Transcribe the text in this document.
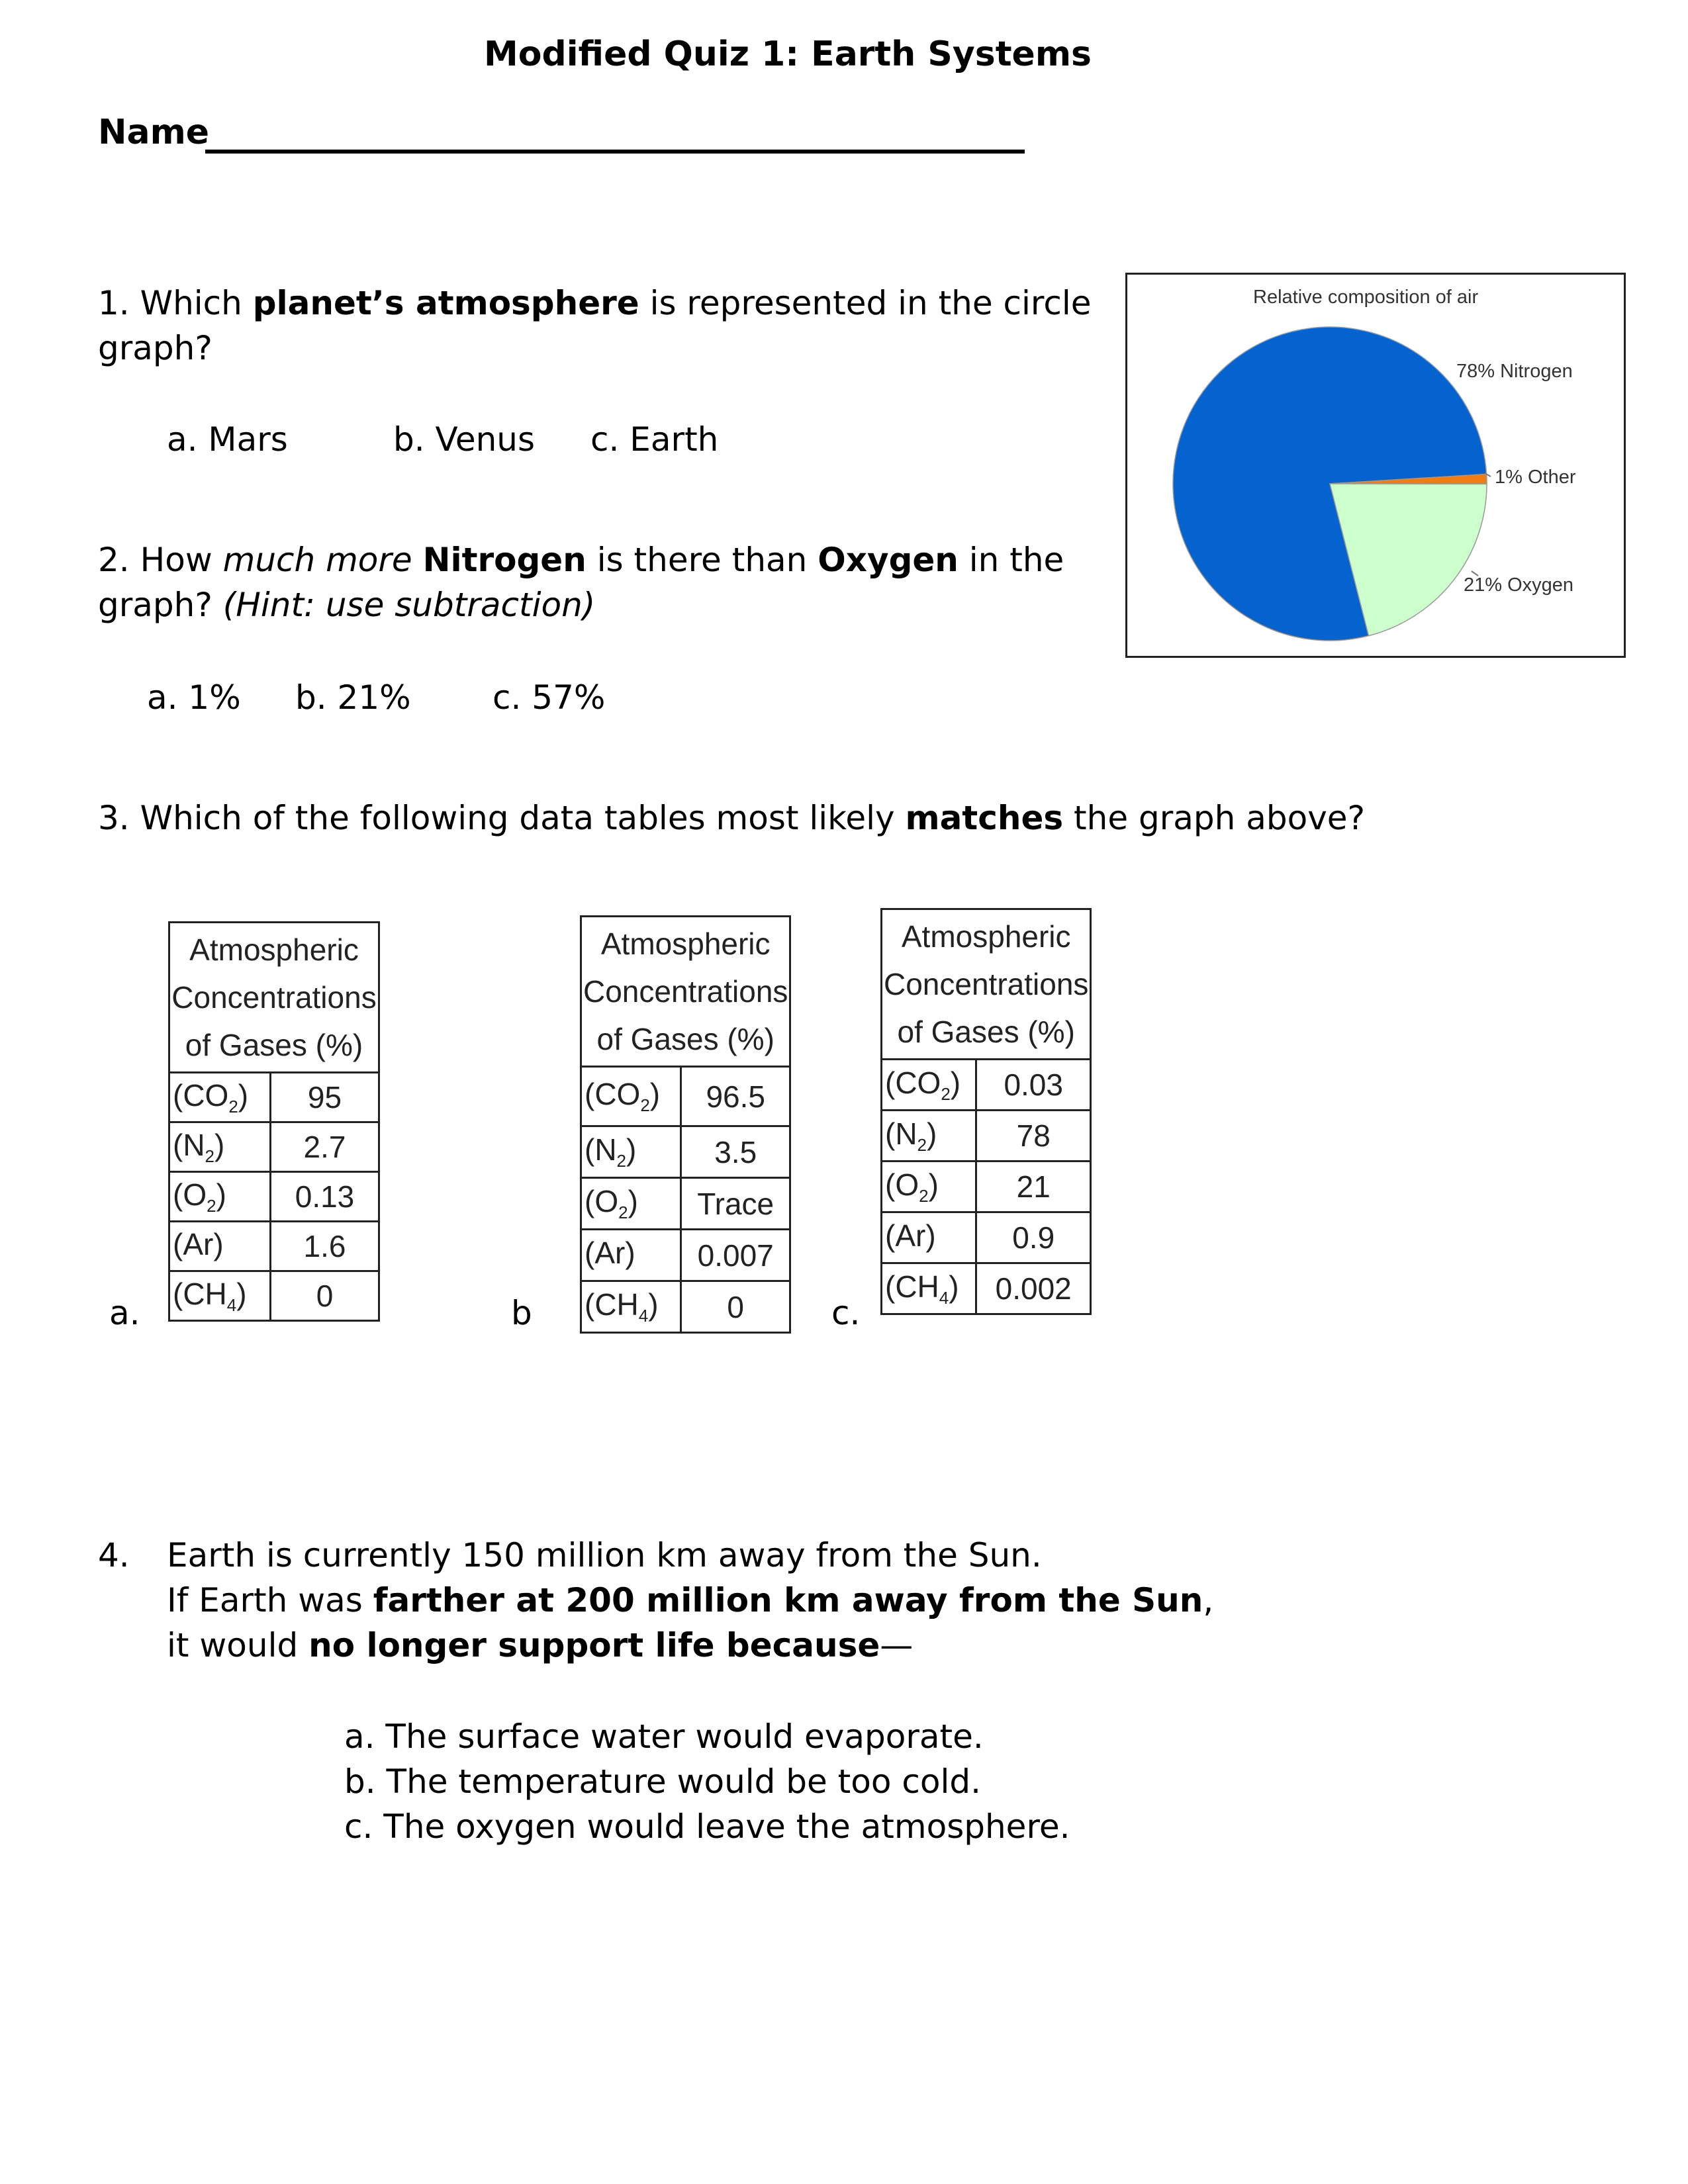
Modified Quiz 1: Earth Systems
Name
1. Which planet’s atmosphere is represented in the circle
graph?
a. Mars	b. Venus c. Earth
Relative composition of air
78% Nitrogen
1% Other
21% Oxygen
2. How much more Nitrogen is there than Oxygen in the
graph? (Hint: use subtraction)
a. 1% b. 21% c. 57%
3. Which of the following data tables most likely matches the graph above?
a.	b	c.
Atmospheric
Concentrations
of Gases (%)	
$(CO_2)$	95
$(N_2)$	2.7
$(O_2)$	0.13
(Ar)	1.6
$(CH_4)$	0
Atmospheric
Concentrations
of Gases (%)	
$(CO_2)$	96.5
$(N_2)$	3.5
$(O_2)$	Trace
(Ar)	0.007
$(CH_4)$	0
Atmospheric
Concentrations
of Gases (%)	
$(CO_2)$	0.03
$(N_2)$	78
$(O_2)$	21
(Ar)	0.9
$(CH_4)$	0.002
4. Earth is currently 150 million km away from the Sun.
If Earth was farther at 200 million km away from the Sun,
it would no longer support life because—
a. The surface water would evaporate.
b. The temperature would be too cold.
c. The oxygen would leave the atmosphere.
